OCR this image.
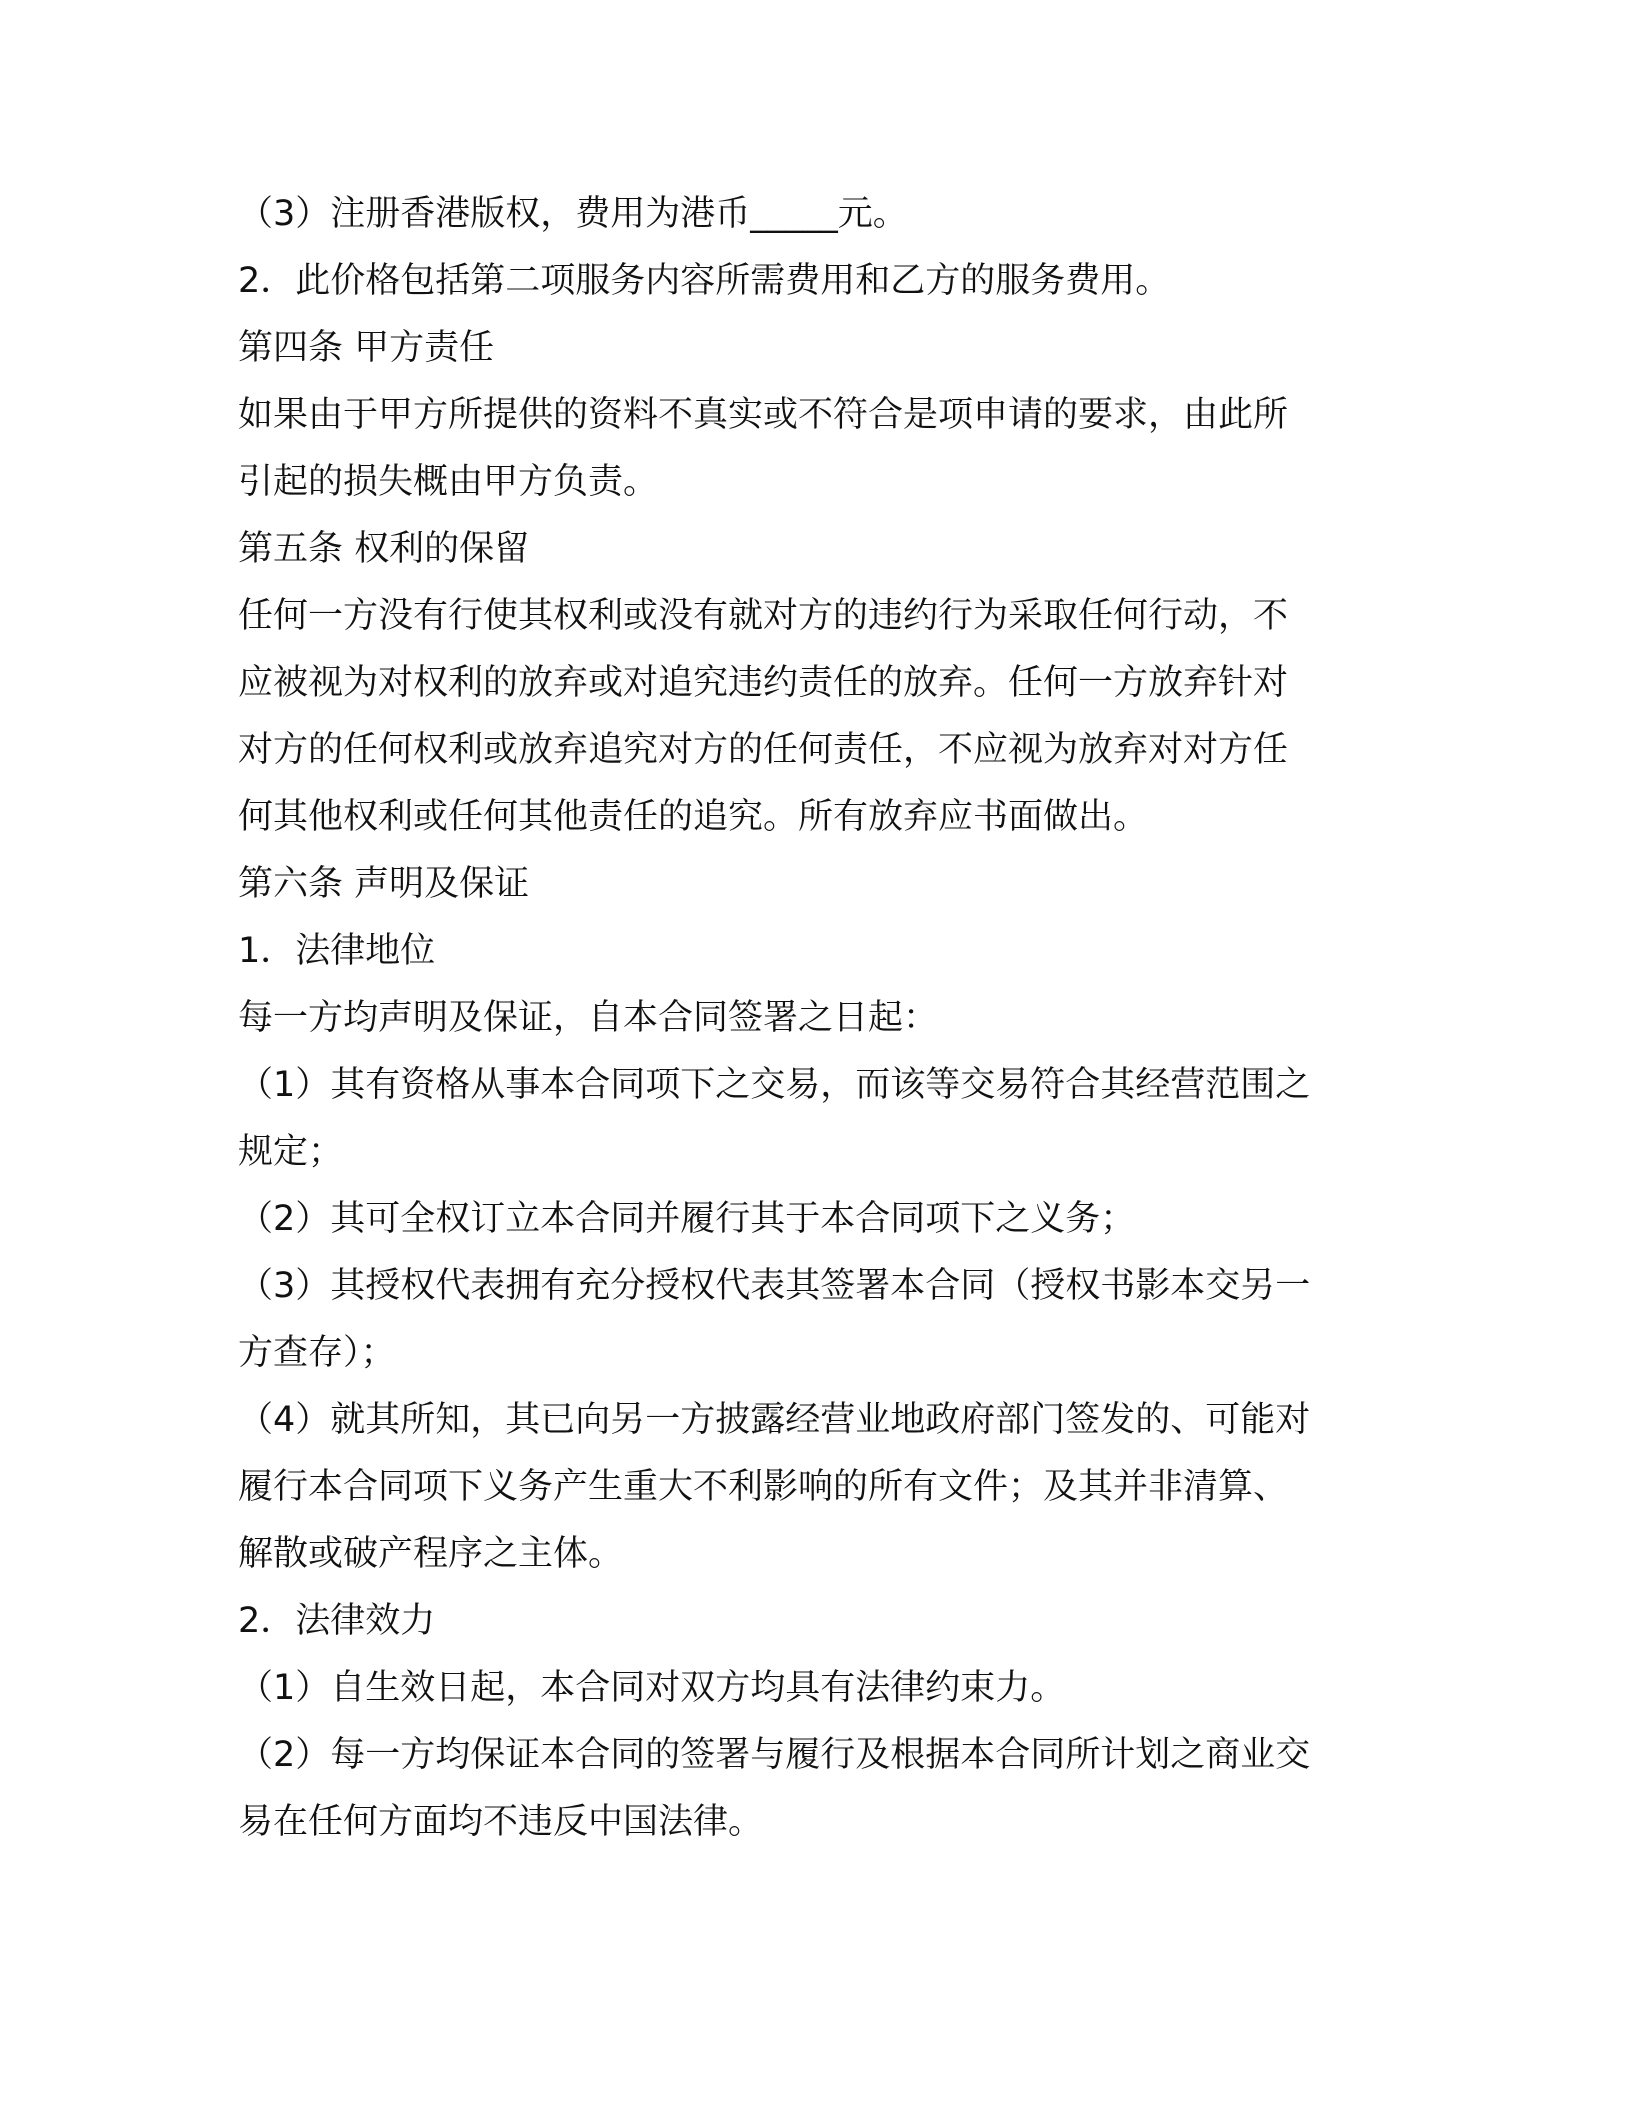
（3）注册香港版权，费用为港币_____元。
2．此价格包括第二项服务内容所需费用和乙方的服务费用。
第四条 甲方责任
如果由于甲方所提供的资料不真实或不符合是项申请的要求，由此所
引起的损失概由甲方负责。
第五条 权利的保留
任何一方没有行使其权利或没有就对方的违约行为采取任何行动，不
应被视为对权利的放弃或对追究违约责任的放弃。任何一方放弃针对
对方的任何权利或放弃追究对方的任何责任，不应视为放弃对对方任
何其他权利或任何其他责任的追究。所有放弃应书面做出。
第六条 声明及保证
1．法律地位
每一方均声明及保证，自本合同签署之日起：
（1）其有资格从事本合同项下之交易，而该等交易符合其经营范围之
规定；
（2）其可全权订立本合同并履行其于本合同项下之义务；
（3）其授权代表拥有充分授权代表其签署本合同（授权书影本交另一
方查存）；
（4）就其所知，其已向另一方披露经营业地政府部门签发的、可能对
履行本合同项下义务产生重大不利影响的所有文件；及其并非清算、
解散或破产程序之主体。
2．法律效力
（1）自生效日起，本合同对双方均具有法律约束力。
（2）每一方均保证本合同的签署与履行及根据本合同所计划之商业交
易在任何方面均不违反中国法律。
